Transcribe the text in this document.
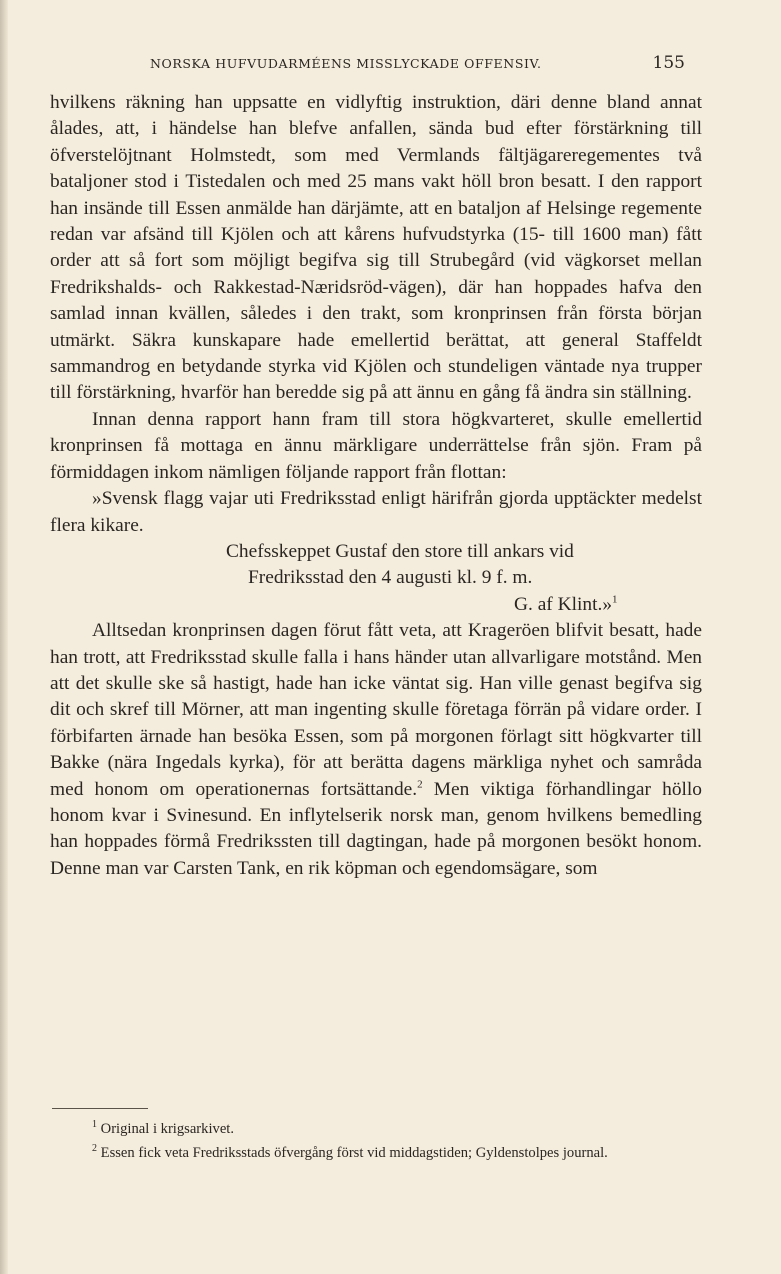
NORSKA HUFVUDARMÉENS MISSLYCKADE OFFENSIV.	155

hvilkens räkning han uppsatte en vidlyftig instruktion, däri denne bland annat ålades, att, i händelse han blefve anfallen, sända bud efter förstärkning till öfverstelöjtnant Holmstedt, som med Vermlands fältjägareregementes två bataljoner stod i Tistedalen och med 25 mans vakt höll bron besatt. I den rapport han insände till Essen anmälde han därjämte, att en bataljon af Helsinge regemente redan var afsänd till Kjölen och att kårens hufvudstyrka (15- till 1600 man) fått order att så fort som möjligt begifva sig till Strubegård (vid vägkorset mellan Fredrikshalds- och Rakkestad-Næridsröd-vägen), där han hoppades hafva den samlad innan kvällen, således i den trakt, som kronprinsen från första början utmärkt. Säkra kunskapare hade emellertid berättat, att general Staffeldt sammandrog en betydande styrka vid Kjölen och stundeligen väntade nya trupper till förstärkning, hvarför han beredde sig på att ännu en gång få ändra sin ställning.

Innan denna rapport hann fram till stora högkvarteret, skulle emellertid kronprinsen få mottaga en ännu märkligare underrättelse från sjön. Fram på förmiddagen inkom nämligen följande rapport från flottan:

»Svensk flagg vajar uti Fredriksstad enligt härifrån gjorda upptäckter medelst flera kikare.

Chefsskeppet Gustaf den store till ankars vid
Fredriksstad den 4 augusti kl. 9 f. m.
G. af Klint.»$^1$

Alltsedan kronprinsen dagen förut fått veta, att Krageröen blifvit besatt, hade han trott, att Fredriksstad skulle falla i hans händer utan allvarligare motstånd. Men att det skulle ske så hastigt, hade han icke väntat sig. Han ville genast begifva sig dit och skref till Mörner, att man ingenting skulle företaga förrän på vidare order. I förbifarten ärnade han besöka Essen, som på morgonen förlagt sitt högkvarter till Bakke (nära Ingedals kyrka), för att berätta dagens märkliga nyhet och samråda med honom om operationernas fortsättande.$^2$ Men viktiga förhandlingar höllo honom kvar i Svinesund. En inflytelserik norsk man, genom hvilkens bemedling han hoppades förmå Fredrikssten till dagtingan, hade på morgonen besökt honom. Denne man var Carsten Tank, en rik köpman och egendomsägare, som

$^1$ Original i krigsarkivet.

$^2$ Essen fick veta Fredriksstads öfvergång först vid middagstiden; Gyldenstolpes journal.
